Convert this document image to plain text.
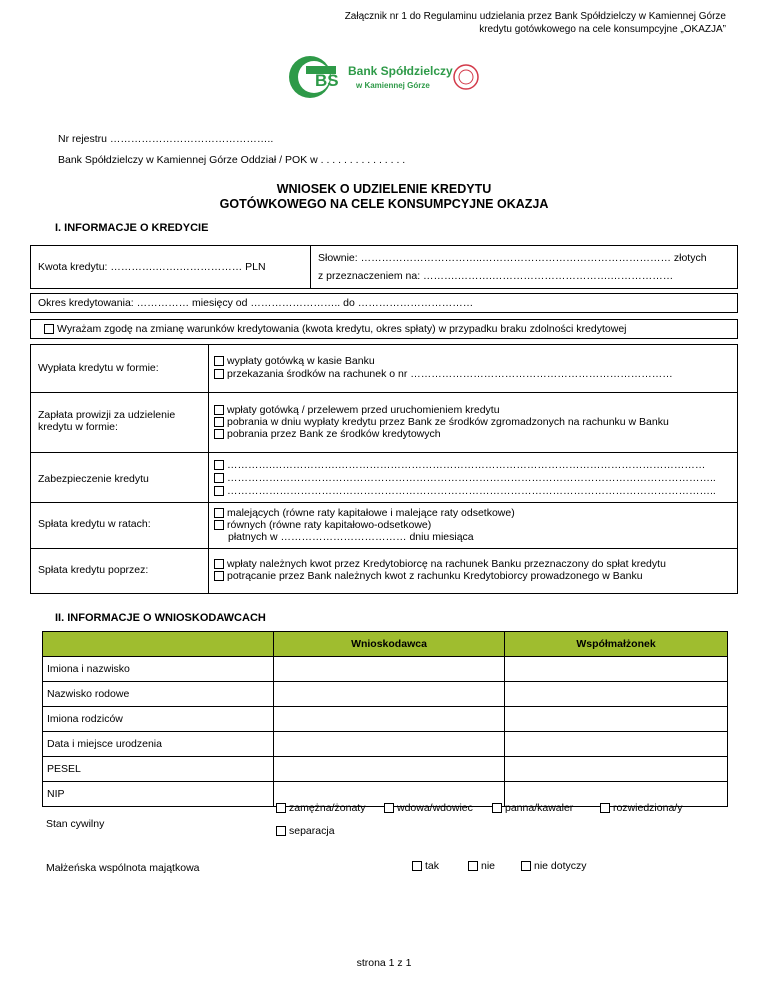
Załącznik nr 1 do Regulaminu udzielania przez Bank Spółdzielczy w Kamiennej Górze
kredytu gotówkowego na cele konsumpcyjne „OKAZJA”
BS Bank Spółdzielczy
w Kamiennej Górze
Nr rejestru ………………………………………..
Bank Spółdzielczy w Kamiennej Górze Oddział / POK w . . . . . . . . . . . . . . .
WNIOSEK O UDZIELENIE KREDYTU
GOTÓWKOWEGO NA CELE KONSUMPCYJNE OKAZJA
I. INFORMACJE O KREDYCIE
Kwota kredytu: ………….…….……………… PLN
Słownie: ……………………………..……………………………………………… złotych
z przeznaczeniem na: ……….……….…………………………….………………
Okres kredytowania: …………… miesięcy od …………………….. do ……………………………
Wyrażam zgodę na zmianę warunków kredytowania (kwota kredytu, okres spłaty) w przypadku braku zdolności kredytowej
Wypłata kredytu w formie:
wypłaty gotówką w kasie Banku
przekazania środków na rachunek o nr …………………………………………………………………
Zapłata prowizji za udzielenie
kredytu w formie:
wpłaty gotówką / przelewem przed uruchomieniem kredytu
pobrania w dniu wypłaty kredytu przez Bank ze środków zgromadzonych na rachunku w Banku
pobrania przez Bank ze środków kredytowych
Zabezpieczenie kredytu
………….……………….……………………………………………………………………………………………
…………………………………………………………………………………………………………………………..
…………………………………………………………………………………………………………………………..
Spłata kredytu w ratach:
malejących (równe raty kapitałowe i malejące raty odsetkowe)
równych (równe raty kapitałowo-odsetkowe)
płatnych w ……………………………… dniu miesiąca
Spłata kredytu poprzez:	wpłaty należnych kwot przez Kredytobiorcę na rachunek Banku przeznaczony do spłat kredytu
potrącanie przez Bank należnych kwot z rachunku Kredytobiorcy prowadzonego w Banku
II. INFORMACJE O WNIOSKODAWCACH
	Wnioskodawca	Współmałżonek
Imiona i nazwisko		
Nazwisko rodowe		
Imiona rodziców		
Data i miejsce urodzenia		
PESEL		
NIP		
Stan cywilny
zamężna/żonaty	wdowa/wdowiec	panna/kawaler	rozwiedziona/y
separacja
Małżeńska wspólnota majątkowa	tak	nie	nie dotyczy
strona 1 z 1
